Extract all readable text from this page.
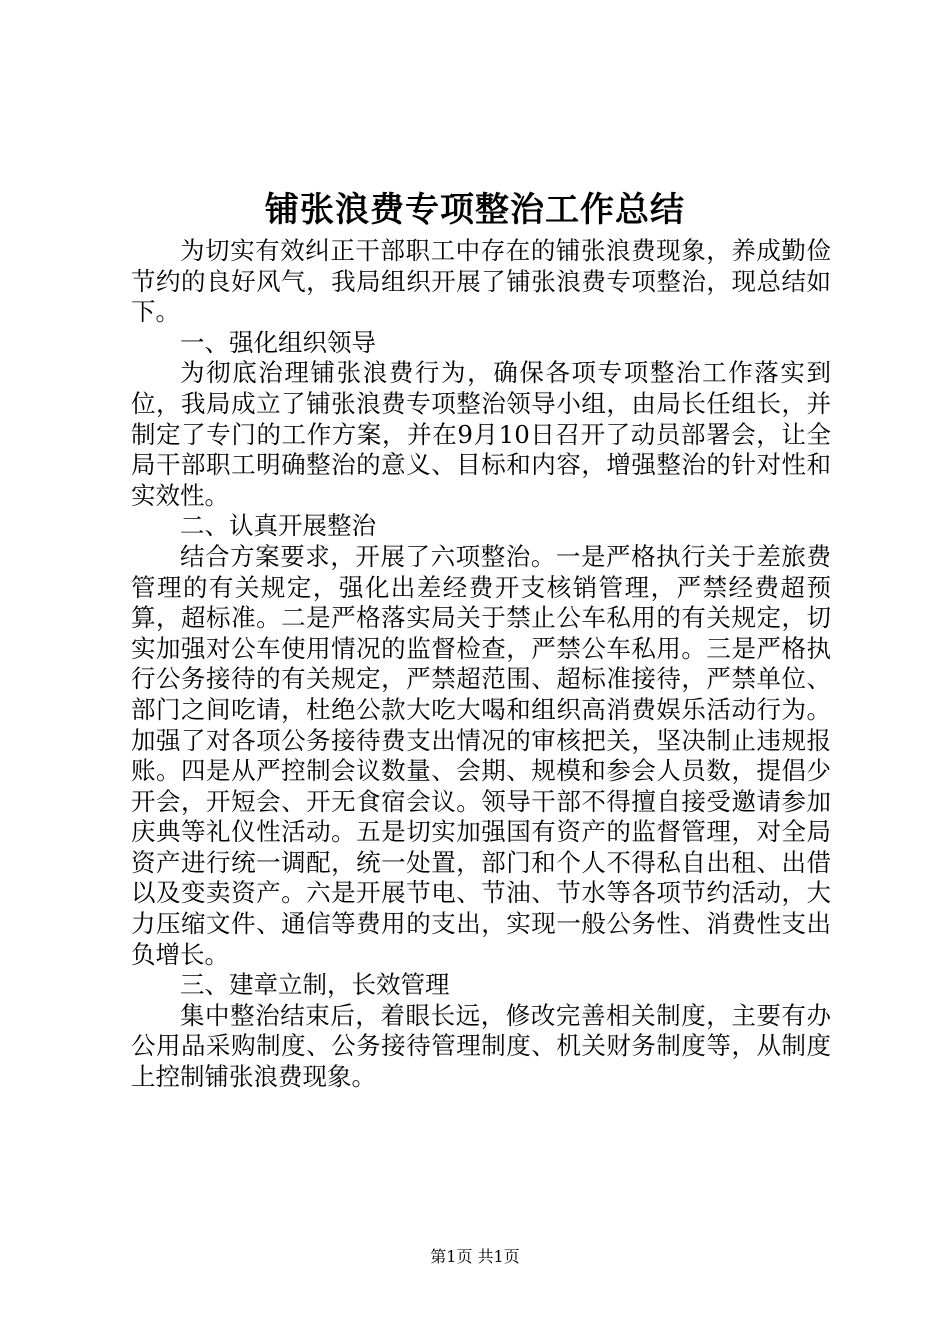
铺张浪费专项整治工作总结

为切实有效纠正干部职工中存在的铺张浪费现象，养成勤俭节约的良好风气，我局组织开展了铺张浪费专项整治，现总结如下。

一、强化组织领导

为彻底治理铺张浪费行为，确保各项专项整治工作落实到位，我局成立了铺张浪费专项整治领导小组，由局长任组长，并制定了专门的工作方案，并在9月10日召开了动员部署会，让全局干部职工明确整治的意义、目标和内容，增强整治的针对性和实效性。

二、认真开展整治

结合方案要求，开展了六项整治。一是严格执行关于差旅费管理的有关规定，强化出差经费开支核销管理，严禁经费超预算，超标准。二是严格落实局关于禁止公车私用的有关规定，切实加强对公车使用情况的监督检查，严禁公车私用。三是严格执行公务接待的有关规定，严禁超范围、超标准接待，严禁单位、部门之间吃请，杜绝公款大吃大喝和组织高消费娱乐活动行为。加强了对各项公务接待费支出情况的审核把关，坚决制止违规报账。四是从严控制会议数量、会期、规模和参会人员数，提倡少开会，开短会、开无食宿会议。领导干部不得擅自接受邀请参加庆典等礼仪性活动。五是切实加强国有资产的监督管理，对全局资产进行统一调配，统一处置，部门和个人不得私自出租、出借以及变卖资产。六是开展节电、节油、节水等各项节约活动，大力压缩文件、通信等费用的支出，实现一般公务性、消费性支出负增长。

三、建章立制，长效管理

集中整治结束后，着眼长远，修改完善相关制度，主要有办公用品采购制度、公务接待管理制度、机关财务制度等，从制度上控制铺张浪费现象。

第1页 共1页
